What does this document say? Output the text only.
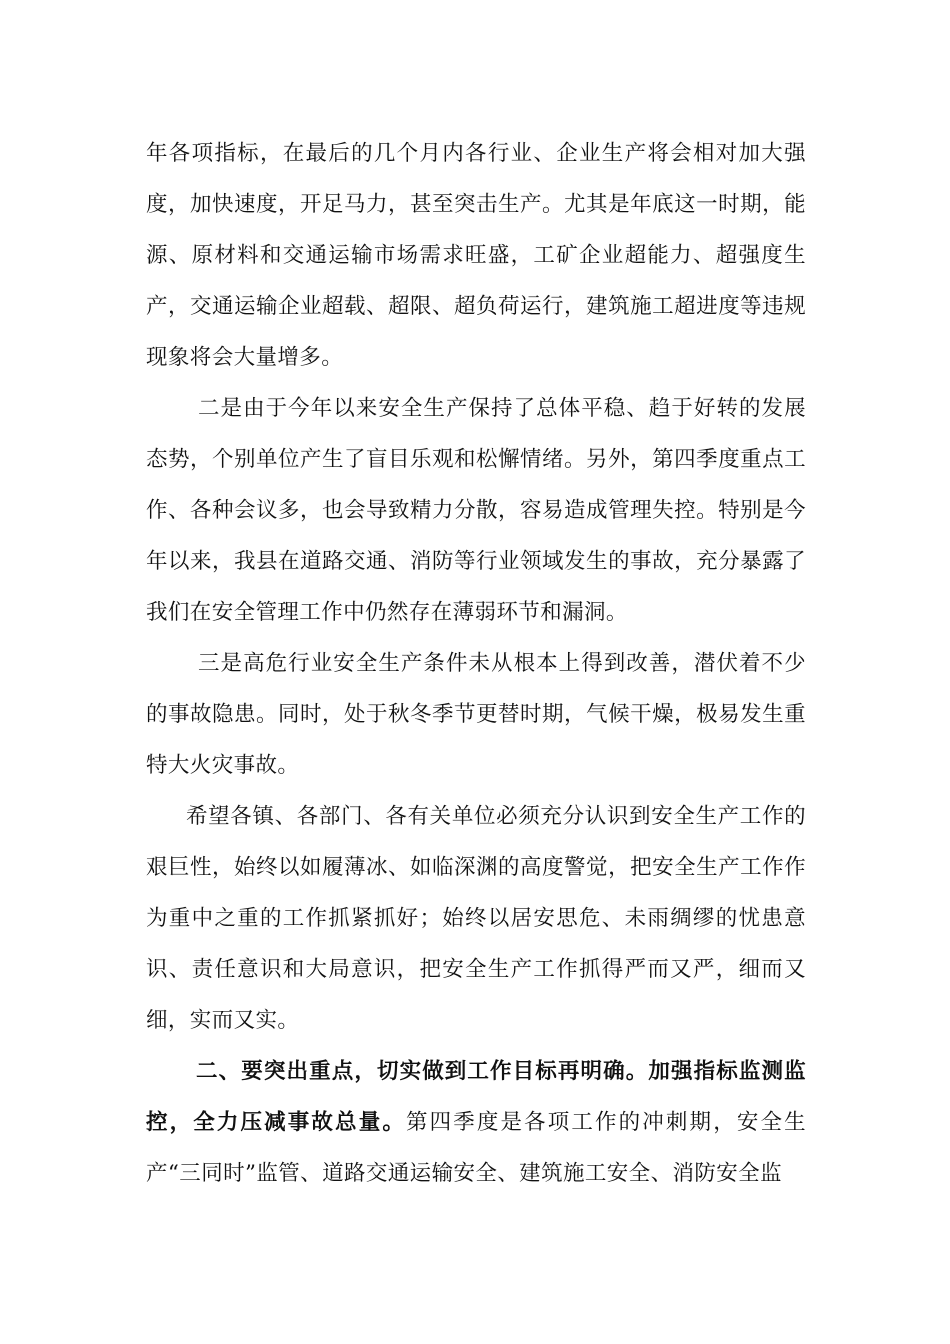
年各项指标，在最后的几个月内各行业、企业生产将会相对加大强度，加快速度，开足马力，甚至突击生产。尤其是年底这一时期，能源、原材料和交通运输市场需求旺盛，工矿企业超能力、超强度生产，交通运输企业超载、超限、超负荷运行，建筑施工超进度等违规现象将会大量增多。

二是由于今年以来安全生产保持了总体平稳、趋于好转的发展态势，个别单位产生了盲目乐观和松懈情绪。另外，第四季度重点工作、各种会议多，也会导致精力分散，容易造成管理失控。特别是今年以来，我县在道路交通、消防等行业领域发生的事故，充分暴露了我们在安全管理工作中仍然存在薄弱环节和漏洞。

三是高危行业安全生产条件未从根本上得到改善，潜伏着不少的事故隐患。同时，处于秋冬季节更替时期，气候干燥，极易发生重特大火灾事故。

希望各镇、各部门、各有关单位必须充分认识到安全生产工作的艰巨性，始终以如履薄冰、如临深渊的高度警觉，把安全生产工作作为重中之重的工作抓紧抓好；始终以居安思危、未雨绸缪的忧患意识、责任意识和大局意识，把安全生产工作抓得严而又严，细而又细，实而又实。

二、要突出重点，切实做到工作目标再明确。加强指标监测监控，全力压减事故总量。第四季度是各项工作的冲刺期，安全生产“三同时”监管、道路交通运输安全、建筑施工安全、消防安全监
